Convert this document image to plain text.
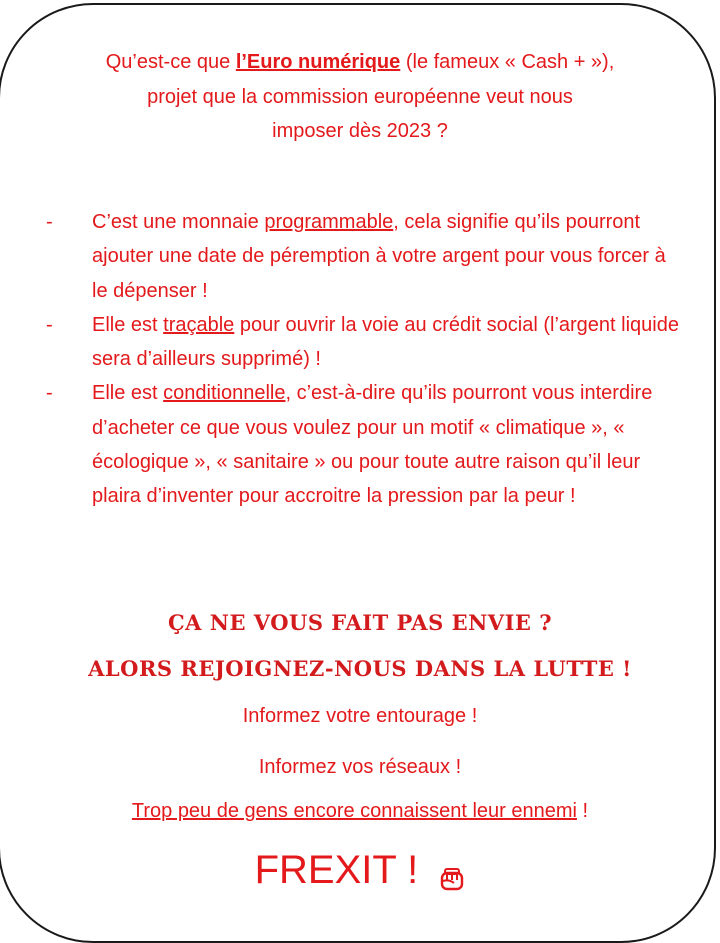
Qu’est-ce que l’Euro numérique (le fameux « Cash + »),
projet que la commission européenne veut nous
imposer dès 2023 ?

- C’est une monnaie programmable, cela signifie qu’ils pourront ajouter une date de péremption à votre argent pour vous forcer à le dépenser !
- Elle est traçable pour ouvrir la voie au crédit social (l’argent liquide sera d’ailleurs supprimé) !
- Elle est conditionnelle, c’est-à-dire qu’ils pourront vous interdire d’acheter ce que vous voulez pour un motif « climatique », « écologique », « sanitaire » ou pour toute autre raison qu’il leur plaira d’inventer pour accroitre la pression par la peur !

ÇA NE VOUS FAIT PAS ENVIE ?

ALORS REJOIGNEZ-NOUS DANS LA LUTTE !

Informez votre entourage !

Informez vos réseaux !

Trop peu de gens encore connaissent leur ennemi !

FREXIT !
